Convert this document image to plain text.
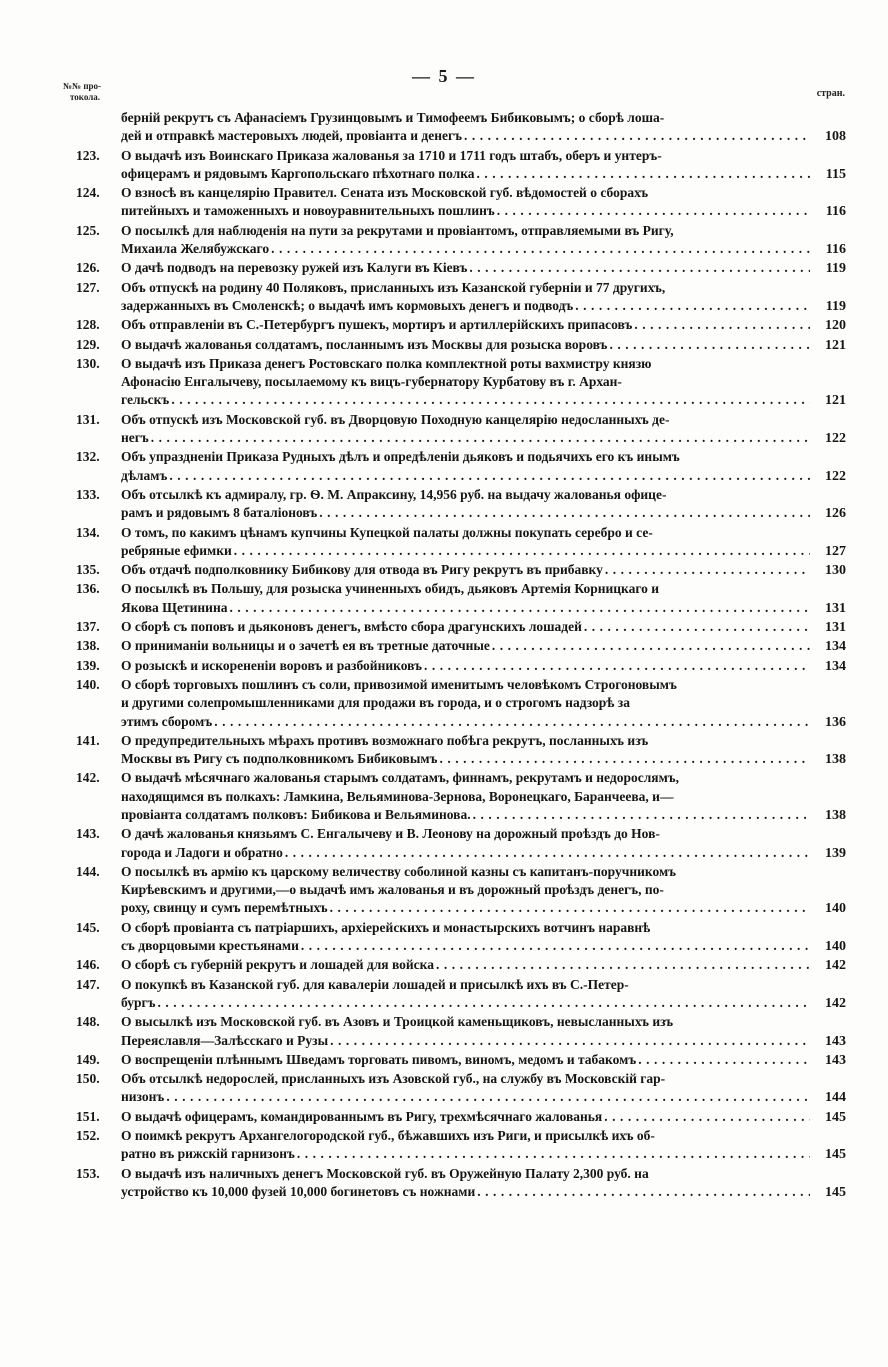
— 5 —
№№ про-
токола.	стран.
берній рекрутъ съ Афанасіемъ Грузинцовымъ и Тимофеемъ Бибиковымъ; о сборѣ лоша-
дей и отправкѣ мастеровыхъ людей, провіанта и денегъ .....	108
123. О выдачѣ изъ Воинскаго Приказа жалованья за 1710 и 1711 годъ штабъ, оберъ и унтеръ-
офицерамъ и рядовымъ Каргопольскаго пѣхотнаго полка .....	115
124. О взносѣ въ канцелярію Правител. Сената изъ Московской губ. вѣдомостей о сборахъ
питейныхъ и таможенныхъ и новоуравнительныхъ пошлинъ .....	116
125. О посылкѣ для наблюденія на пути за рекрутами и провіантомъ, отправляемыми въ Ригу,
Михаила Желябужскаго .....	116
126. О дачѣ подводъ на перевозку ружей изъ Калуги въ Кіевъ .....	119
127. Объ отпускѣ на родину 40 Поляковъ, присланныхъ изъ Казанской губерніи и 77 другихъ,
задержанныхъ въ Смоленскѣ; о выдачѣ имъ кормовыхъ денегъ и подводъ .....	119
128. Объ отправленіи въ С.-Петербургъ пушекъ, мортиръ и артиллерійскихъ припасовъ .....	120
129. О выдачѣ жалованья солдатамъ, посланнымъ изъ Москвы для розыска воровъ .....	121
130. О выдачѣ изъ Приказа денегъ Ростовскаго полка комплектной роты вахмистру князю
Афонасію Енгалычеву, посылаемому къ вицъ-губернатору Курбатову въ г. Архан-
гельскъ .....	121
131. Объ отпускѣ изъ Московской губ. въ Дворцовую Походную канцелярію недосланныхъ де-
негъ .....	122
132. Объ упраздненіи Приказа Рудныхъ дѣлъ и опредѣленіи дьяковъ и подьячихъ его къ инымъ
дѣламъ .....	122
133. Объ отсылкѣ къ адмиралу, гр. Ѳ. М. Апраксину, 14,956 руб. на выдачу жалованья офице-
рамъ и рядовымъ 8 баталіоновъ .....	126
134. О томъ, по какимъ цѣнамъ купчины Купецкой палаты должны покупать серебро и се-
ребряные ефимки .....	127
135. Объ отдачѣ подполковнику Бибикову для отвода въ Ригу рекрутъ въ прибавку .....	130
136. О посылкѣ въ Польшу, для розыска учиненныхъ обидъ, дьяковъ Артемія Корницкаго и
Якова Щетинина .....	131
137. О сборѣ съ поповъ и дьяконовъ денегъ, вмѣсто сбора драгунскихъ лошадей .....	131
138. О приниманіи вольницы и о зачетѣ ея въ третные даточные .....	134
139. О розыскѣ и искорененіи воровъ и разбойниковъ .....	134
140. О сборѣ торговыхъ пошлинъ съ соли, привозимой именитымъ человѣкомъ Строгоновымъ
и другими солепромышленниками для продажи въ города, и о строгомъ надзорѣ за
этимъ сборомъ .....	136
141. О предупредительныхъ мѣрахъ противъ возможнаго побѣга рекрутъ, посланныхъ изъ
Москвы въ Ригу съ подполковникомъ Бибиковымъ .....	138
142. О выдачѣ мѣсячнаго жалованья старымъ солдатамъ, финнамъ, рекрутамъ и недорослямъ,
находящимся въ полкахъ: Ламкина, Вельяминова-Зернова, Воронецкаго, Баранчеева, и—
провіанта солдатамъ полковъ: Бибикова и Вельяминова. .....	138
143. О дачѣ жалованья князьямъ С. Енгалычеву и В. Леонову на дорожный проѣздъ до Нов-
города и Ладоги и обратно .....	139
144. О посылкѣ въ армію къ царскому величеству соболиной казны съ капитанъ-поручникомъ
Кирѣевскимъ и другими,—о выдачѣ имъ жалованья и въ дорожный проѣздъ денегъ, по-
роху, свинцу и сумъ перемѣтныхъ .....	140
145. О сборѣ провіанта съ патріаршихъ, архіерейскихъ и монастырскихъ вотчинъ наравнѣ
съ дворцовыми крестьянами .....	140
146. О сборѣ съ губерній рекрутъ и лошадей для войска .....	142
147. О покупкѣ въ Казанской губ. для кавалеріи лошадей и присылкѣ ихъ въ С.-Петер-
бургъ .....	142
148. О высылкѣ изъ Московской губ. въ Азовъ и Троицкой каменьщиковъ, невысланныхъ изъ
Переяславля—Залѣсскаго и Рузы .....	143
149. О воспрещеніи плѣннымъ Шведамъ торговать пивомъ, виномъ, медомъ и табакомъ .....	143
150. Объ отсылкѣ недорослей, присланныхъ изъ Азовской губ., на службу въ Московскій гар-
низонъ .....	144
151. О выдачѣ офицерамъ, командированнымъ въ Ригу, трехмѣсячнаго жалованья .....	145
152. О поимкѣ рекрутъ Архангелогородской губ., бѣжавшихъ изъ Риги, и присылкѣ ихъ об-
ратно въ рижскій гарнизонъ .....	145
153. О выдачѣ изъ наличныхъ денегъ Московской губ. въ Оружейную Палату 2,300 руб. на
устройство къ 10,000 фузей 10,000 богинетовъ съ ножнами .....	145
